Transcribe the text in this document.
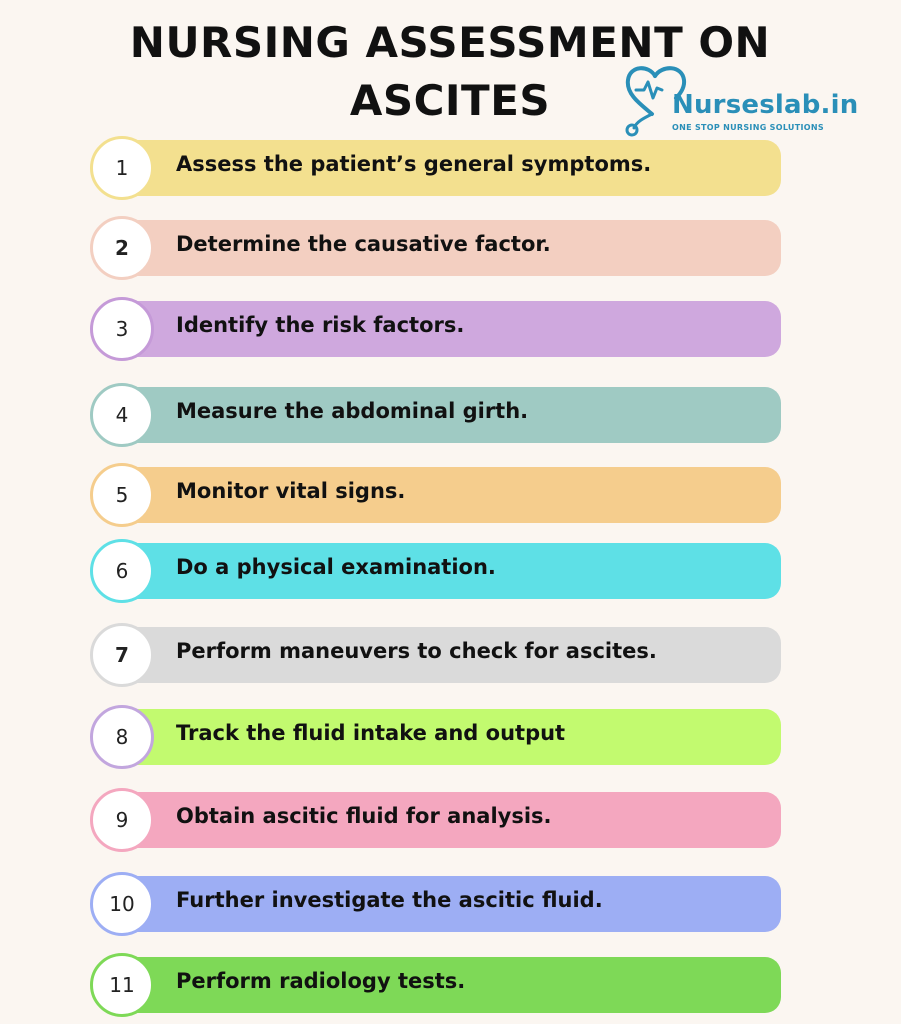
NURSING ASSESSMENT ON
ASCITES	Nurseslab.in
ONE STOP NURSING SOLUTIONS
1	Assess the patient’s general symptoms.
2	Determine the causative factor.
3	Identify the risk factors.
4	Measure the abdominal girth.
5	Monitor vital signs.
6	Do a physical examination.
7	Perform maneuvers to check for ascites.
8	Track the fluid intake and output
9	Obtain ascitic fluid for analysis.
10	Further investigate the ascitic fluid.
11	Perform radiology tests.
